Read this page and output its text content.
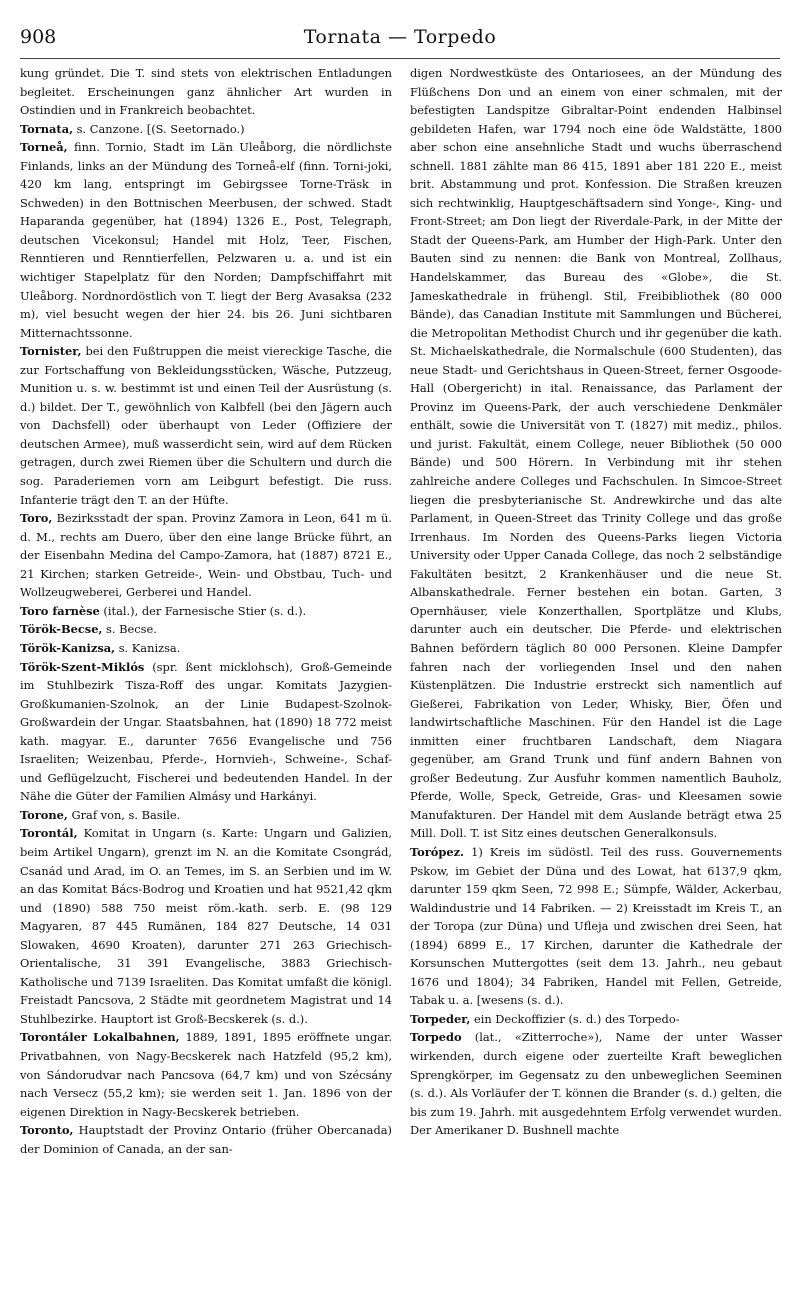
908	Tornata — Torpedo

kung gründet. Die T. sind stets von elektrischen Entladungen begleitet. Erscheinungen ganz ähnlicher Art wurden in Ostindien und in Frankreich beobachtet.

Tornata, s. Canzone. [(S. Seetornado.)

Torneå, finn. Tornio, Stadt im Län Uleåborg, die nördlichste Finlands, links an der Mündung des Torneå-elf (finn. Torni-joki, 420 km lang, entspringt im Gebirgssee Torne-Träsk in Schweden) in den Bottnischen Meerbusen, der schwed. Stadt Haparanda gegenüber, hat (1894) 1326 E., Post, Telegraph, deutschen Vicekonsul; Handel mit Holz, Teer, Fischen, Renntieren und Renntierfellen, Pelzwaren u. a. und ist ein wichtiger Stapelplatz für den Norden; Dampfschiffahrt mit Uleåborg. Nordnordöstlich von T. liegt der Berg Avasaksa (232 m), viel besucht wegen der hier 24. bis 26. Juni sichtbaren Mitternachtssonne.

Tornister, bei den Fußtruppen die meist viereckige Tasche, die zur Fortschaffung von Bekleidungsstücken, Wäsche, Putzzeug, Munition u. s. w. bestimmt ist und einen Teil der Ausrüstung (s. d.) bildet. Der T., gewöhnlich von Kalbfell (bei den Jägern auch von Dachsfell) oder überhaupt von Leder (Offiziere der deutschen Armee), muß wasserdicht sein, wird auf dem Rücken getragen, durch zwei Riemen über die Schultern und durch die sog. Paraderiemen vorn am Leibgurt befestigt. Die russ. Infanterie trägt den T. an der Hüfte.

Toro, Bezirksstadt der span. Provinz Zamora in Leon, 641 m ü. d. M., rechts am Duero, über den eine lange Brücke führt, an der Eisenbahn Medina del Campo-Zamora, hat (1887) 8721 E., 21 Kirchen; starken Getreide-, Wein- und Obstbau, Tuch- und Wollzeugweberei, Gerberei und Handel.

Toro farnèse (ital.), der Farnesische Stier (s. d.).

Török-Becse, s. Becse.

Török-Kanizsa, s. Kanizsa.

Török-Szent-Miklós (spr. ßent micklohsch), Groß-Gemeinde im Stuhlbezirk Tisza-Roff des ungar. Komitats Jazygien-Großkumanien-Szolnok, an der Linie Budapest-Szolnok-Großwardein der Ungar. Staatsbahnen, hat (1890) 18 772 meist kath. magyar. E., darunter 7656 Evangelische und 756 Israeliten; Weizenbau, Pferde-, Hornvieh-, Schweine-, Schaf- und Geflügelzucht, Fischerei und bedeutenden Handel. In der Nähe die Güter der Familien Almásy und Harkányi.

Torone, Graf von, s. Basile.

Torontál, Komitat in Ungarn (s. Karte: Ungarn und Galizien, beim Artikel Ungarn), grenzt im N. an die Komitate Csongrád, Csanád und Arad, im O. an Temes, im S. an Serbien und im W. an das Komitat Bács-Bodrog und Kroatien und hat 9521,42 qkm und (1890) 588 750 meist röm.-kath. serb. E. (98 129 Magyaren, 87 445 Rumänen, 184 827 Deutsche, 14 031 Slowaken, 4690 Kroaten), darunter 271 263 Griechisch-Orientalische, 31 391 Evangelische, 3883 Griechisch-Katholische und 7139 Israeliten. Das Komitat umfaßt die königl. Freistadt Pancsova, 2 Städte mit geordnetem Magistrat und 14 Stuhlbezirke. Hauptort ist Groß-Becskerek (s. d.).

Torontáler Lokalbahnen, 1889, 1891, 1895 eröffnete ungar. Privatbahnen, von Nagy-Becskerek nach Hatzfeld (95,2 km), von Sándorudvar nach Pancsova (64,7 km) und von Szécsány nach Versecz (55,2 km); sie werden seit 1. Jan. 1896 von der eigenen Direktion in Nagy-Becskerek betrieben.

Toronto, Hauptstadt der Provinz Ontario (früher Obercanada) der Dominion of Canada, an der san-

digen Nordwestküste des Ontariosees, an der Mündung des Flüßchens Don und an einem von einer schmalen, mit der befestigten Landspitze Gibraltar-Point endenden Halbinsel gebildeten Hafen, war 1794 noch eine öde Waldstätte, 1800 aber schon eine ansehnliche Stadt und wuchs überraschend schnell. 1881 zählte man 86 415, 1891 aber 181 220 E., meist brit. Abstammung und prot. Konfession. Die Straßen kreuzen sich rechtwinklig, Hauptgeschäftsadern sind Yonge-, King- und Front-Street; am Don liegt der Riverdale-Park, in der Mitte der Stadt der Queens-Park, am Humber der High-Park. Unter den Bauten sind zu nennen: die Bank von Montreal, Zollhaus, Handelskammer, das Bureau des «Globe», die St. Jameskathedrale in frühengl. Stil, Freibibliothek (80 000 Bände), das Canadian Institute mit Sammlungen und Bücherei, die Metropolitan Methodist Church und ihr gegenüber die kath. St. Michaelskathedrale, die Normalschule (600 Studenten), das neue Stadt- und Gerichtshaus in Queen-Street, ferner Osgoode-Hall (Obergericht) in ital. Renaissance, das Parlament der Provinz im Queens-Park, der auch verschiedene Denkmäler enthält, sowie die Universität von T. (1827) mit mediz., philos. und jurist. Fakultät, einem College, neuer Bibliothek (50 000 Bände) und 500 Hörern. In Verbindung mit ihr stehen zahlreiche andere Colleges und Fachschulen. In Simcoe-Street liegen die presbyterianische St. Andrewkirche und das alte Parlament, in Queen-Street das Trinity College und das große Irrenhaus. Im Norden des Queens-Parks liegen Victoria University oder Upper Canada College, das noch 2 selbständige Fakultäten besitzt, 2 Krankenhäuser und die neue St. Albanskathedrale. Ferner bestehen ein botan. Garten, 3 Opernhäuser, viele Konzerthallen, Sportplätze und Klubs, darunter auch ein deutscher. Die Pferde- und elektrischen Bahnen befördern täglich 80 000 Personen. Kleine Dampfer fahren nach der vorliegenden Insel und den nahen Küstenplätzen. Die Industrie erstreckt sich namentlich auf Gießerei, Fabrikation von Leder, Whisky, Bier, Öfen und landwirtschaftliche Maschinen. Für den Handel ist die Lage inmitten einer fruchtbaren Landschaft, dem Niagara gegenüber, am Grand Trunk und fünf andern Bahnen von großer Bedeutung. Zur Ausfuhr kommen namentlich Bauholz, Pferde, Wolle, Speck, Getreide, Gras- und Kleesamen sowie Manufakturen. Der Handel mit dem Auslande beträgt etwa 25 Mill. Doll. T. ist Sitz eines deutschen Generalkonsuls.

Torópez. 1) Kreis im südöstl. Teil des russ. Gouvernements Pskow, im Gebiet der Düna und des Lowat, hat 6137,9 qkm, darunter 159 qkm Seen, 72 998 E.; Sümpfe, Wälder, Ackerbau, Waldindustrie und 14 Fabriken. — 2) Kreisstadt im Kreis T., an der Toropa (zur Düna) und Ufleja und zwischen drei Seen, hat (1894) 6899 E., 17 Kirchen, darunter die Kathedrale der Korsunschen Muttergottes (seit dem 13. Jahrh., neu gebaut 1676 und 1804); 34 Fabriken, Handel mit Fellen, Getreide, Tabak u. a. [wesens (s. d.).

Torpeder, ein Deckoffizier (s. d.) des Torpedo-

Torpedo (lat., «Zitterroche»), Name der unter Wasser wirkenden, durch eigene oder zuerteilte Kraft beweglichen Sprengkörper, im Gegensatz zu den unbeweglichen Seeminen (s. d.). Als Vorläufer der T. können die Brander (s. d.) gelten, die bis zum 19. Jahrh. mit ausgedehntem Erfolg verwendet wurden. Der Amerikaner D. Bushnell machte
